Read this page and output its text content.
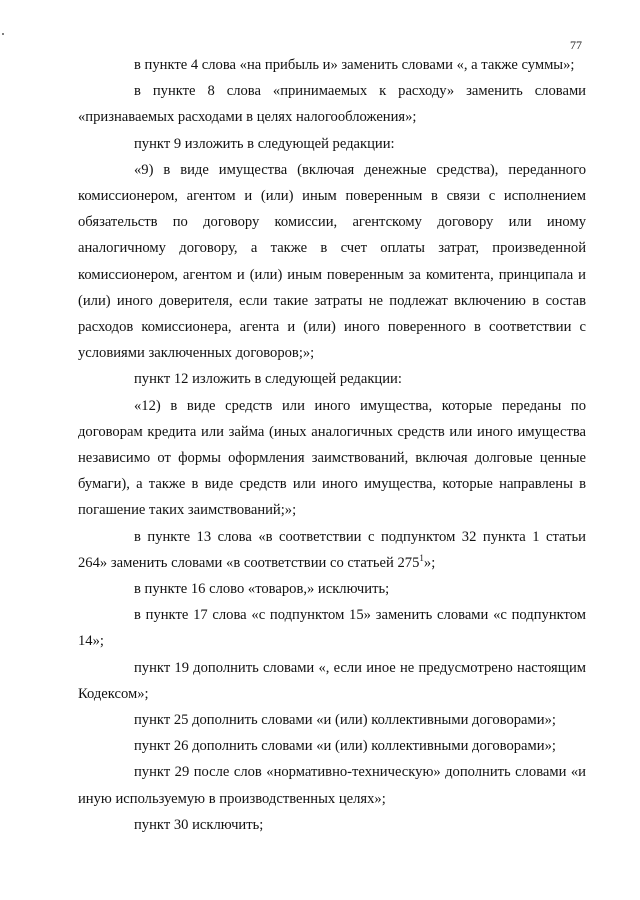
77

в пункте 4 слова «на прибыль и» заменить словами «, а также суммы»;

в пункте 8 слова «принимаемых к расходу» заменить словами «признаваемых расходами в целях налогообложения»;

пункт 9 изложить в следующей редакции:

«9) в виде имущества (включая денежные средства), переданного комиссионером, агентом и (или) иным поверенным в связи с исполнением обязательств по договору комиссии, агентскому договору или иному аналогичному договору, а также в счет оплаты затрат, произведенной комиссионером, агентом и (или) иным поверенным за комитента, принципала и (или) иного доверителя, если такие затраты не подлежат включению в состав расходов комиссионера, агента и (или) иного поверенного в соответствии с условиями заключенных договоров;»;

пункт 12 изложить в следующей редакции:

«12) в виде средств или иного имущества, которые переданы по договорам кредита или займа (иных аналогичных средств или иного имущества независимо от формы оформления заимствований, включая долговые ценные бумаги), а также в виде средств или иного имущества, которые направлены в погашение таких заимствований;»;

в пункте 13 слова «в соответствии с подпунктом 32 пункта 1 статьи 264» заменить словами «в соответствии со статьей $275^1$»;

в пункте 16 слово «товаров,» исключить;

в пункте 17 слова «с подпунктом 15» заменить словами «с подпунктом 14»;

пункт 19 дополнить словами «, если иное не предусмотрено настоящим Кодексом»;

пункт 25 дополнить словами «и (или) коллективными договорами»;

пункт 26 дополнить словами «и (или) коллективными договорами»;

пункт 29 после слов «нормативно-техническую» дополнить словами «и иную используемую в производственных целях»;

пункт 30 исключить;
